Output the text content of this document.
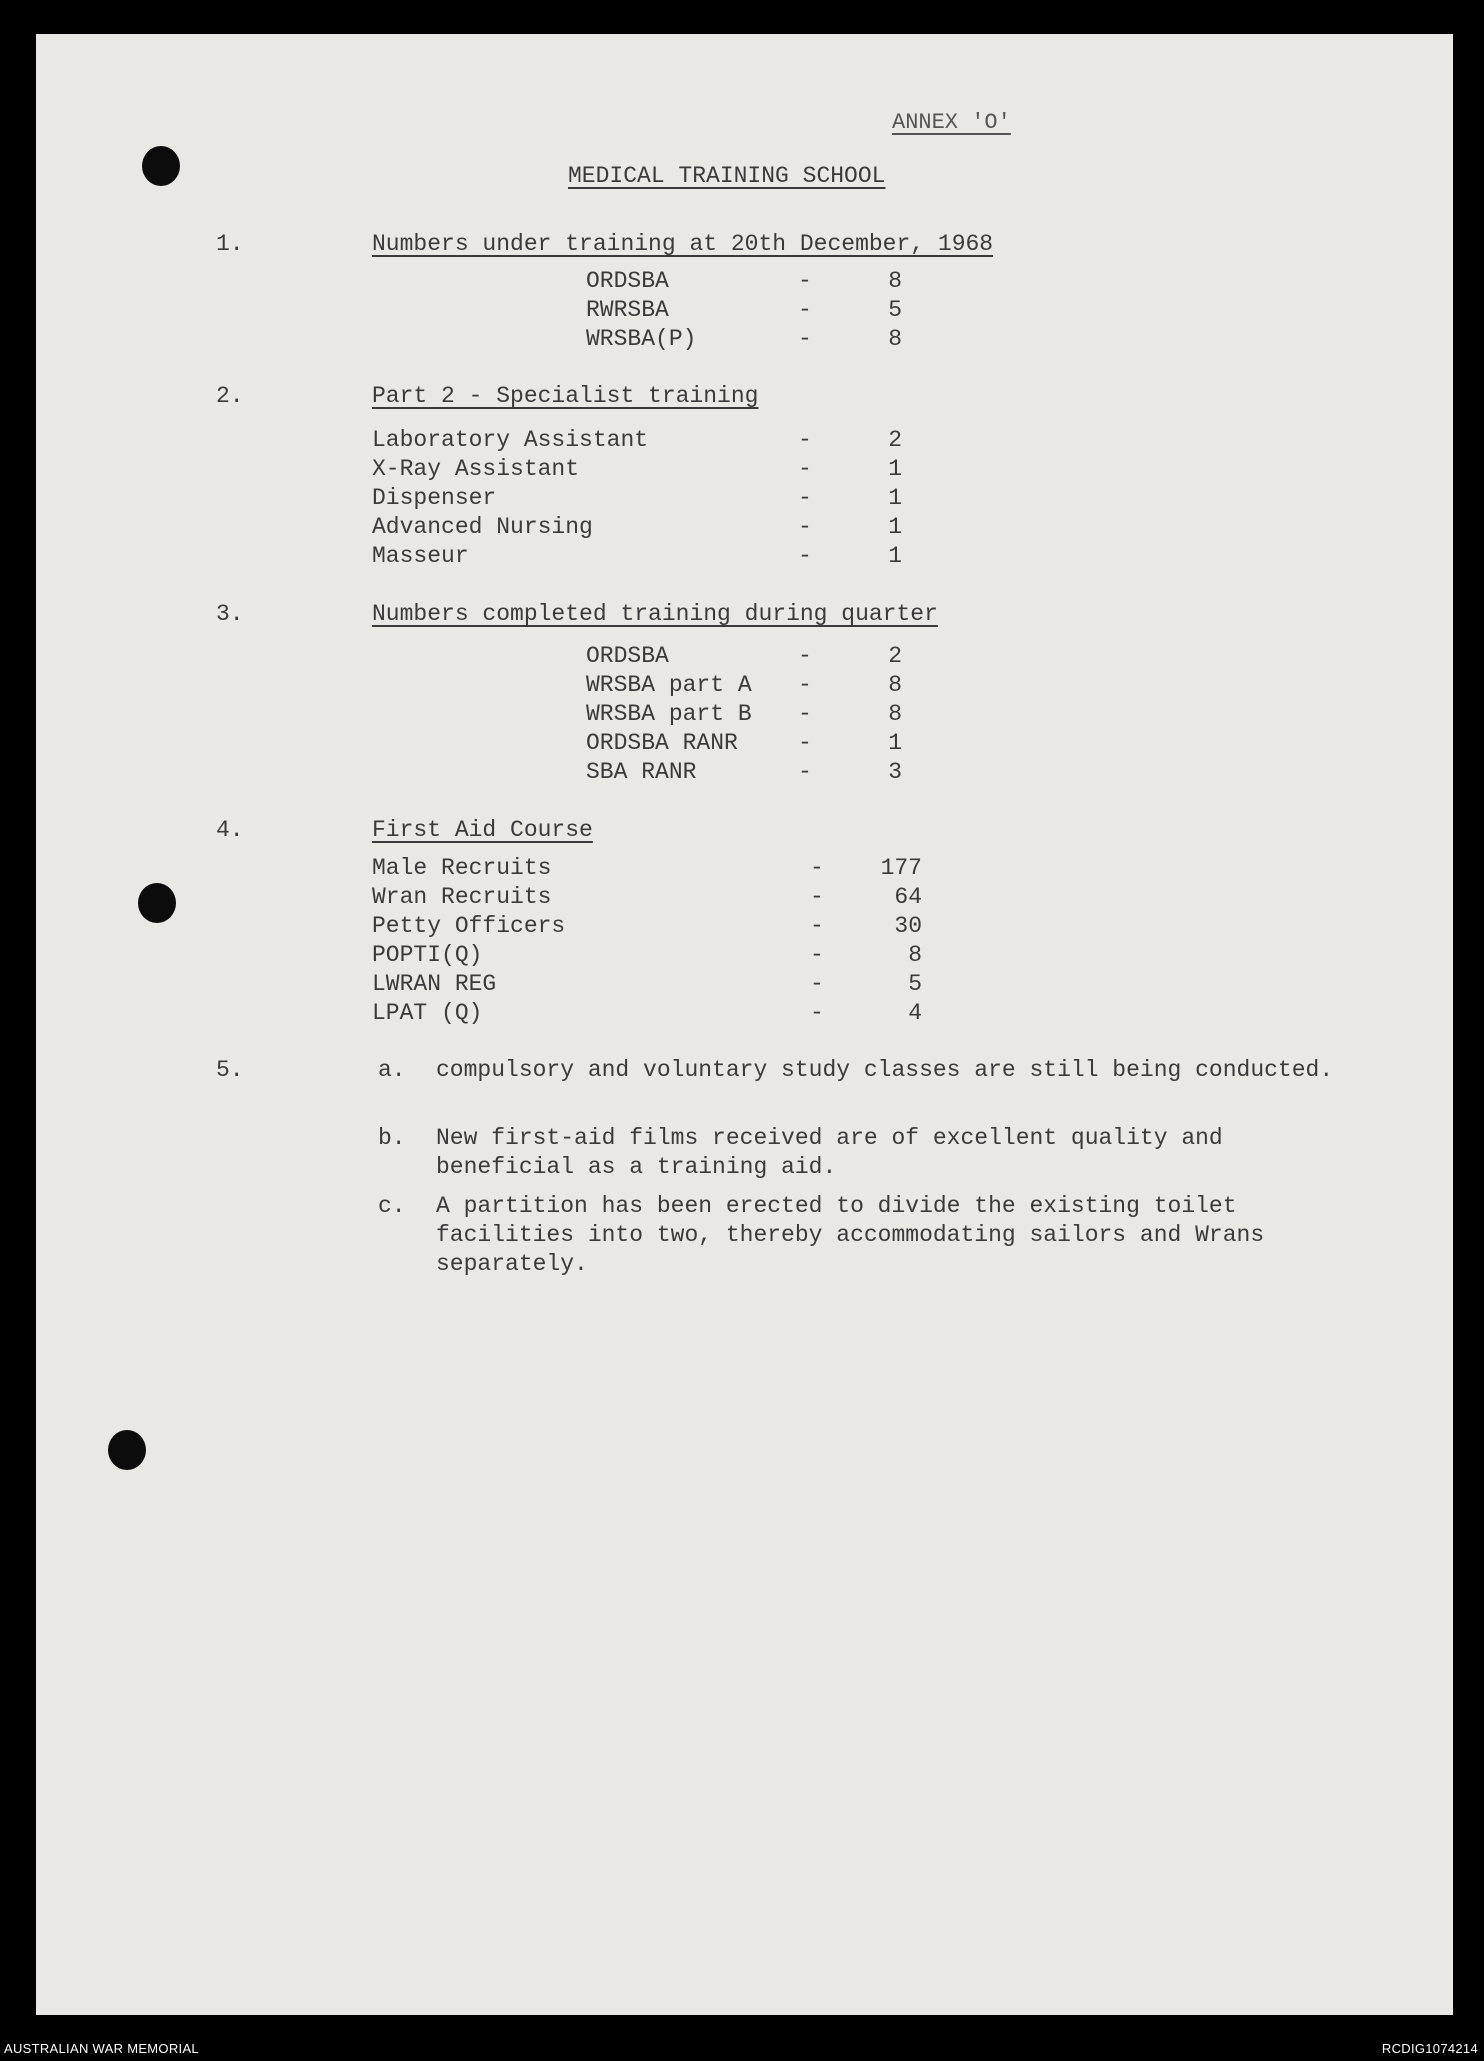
ANNEX 'O'
MEDICAL TRAINING SCHOOL
1.	Numbers under training at 20th December, 1968
ORDSBA	-	8
RWRSBA	-	5
WRSBA(P)	-	8
2.	Part 2 - Specialist training
Laboratory Assistant	-	2
X-Ray Assistant	-	1
Dispenser	-	1
Advanced Nursing	-	1
Masseur	-	1
3.	Numbers completed training during quarter
ORDSBA	-	2
WRSBA part A -	8
WRSBA part B -	8
ORDSBA RANR	-	1
SBA RANR	-	3
4.	First Aid Course
Male Recruits	-	177
Wran Recruits	-	64
Petty Officers	-	30
POPTI(Q)	-	8
LWRAN REG	-	5
LPAT (Q)	-	4
5.	a. compulsory and voluntary study classes are still being conducted.
b. New first-aid films received are of excellent quality and beneficial as a training aid.
c. A partition has been erected to divide the existing toilet facilities into two, thereby accommodating sailors and Wrans separately.
AUSTRALIAN WAR MEMORIAL	RCDIG1074214
